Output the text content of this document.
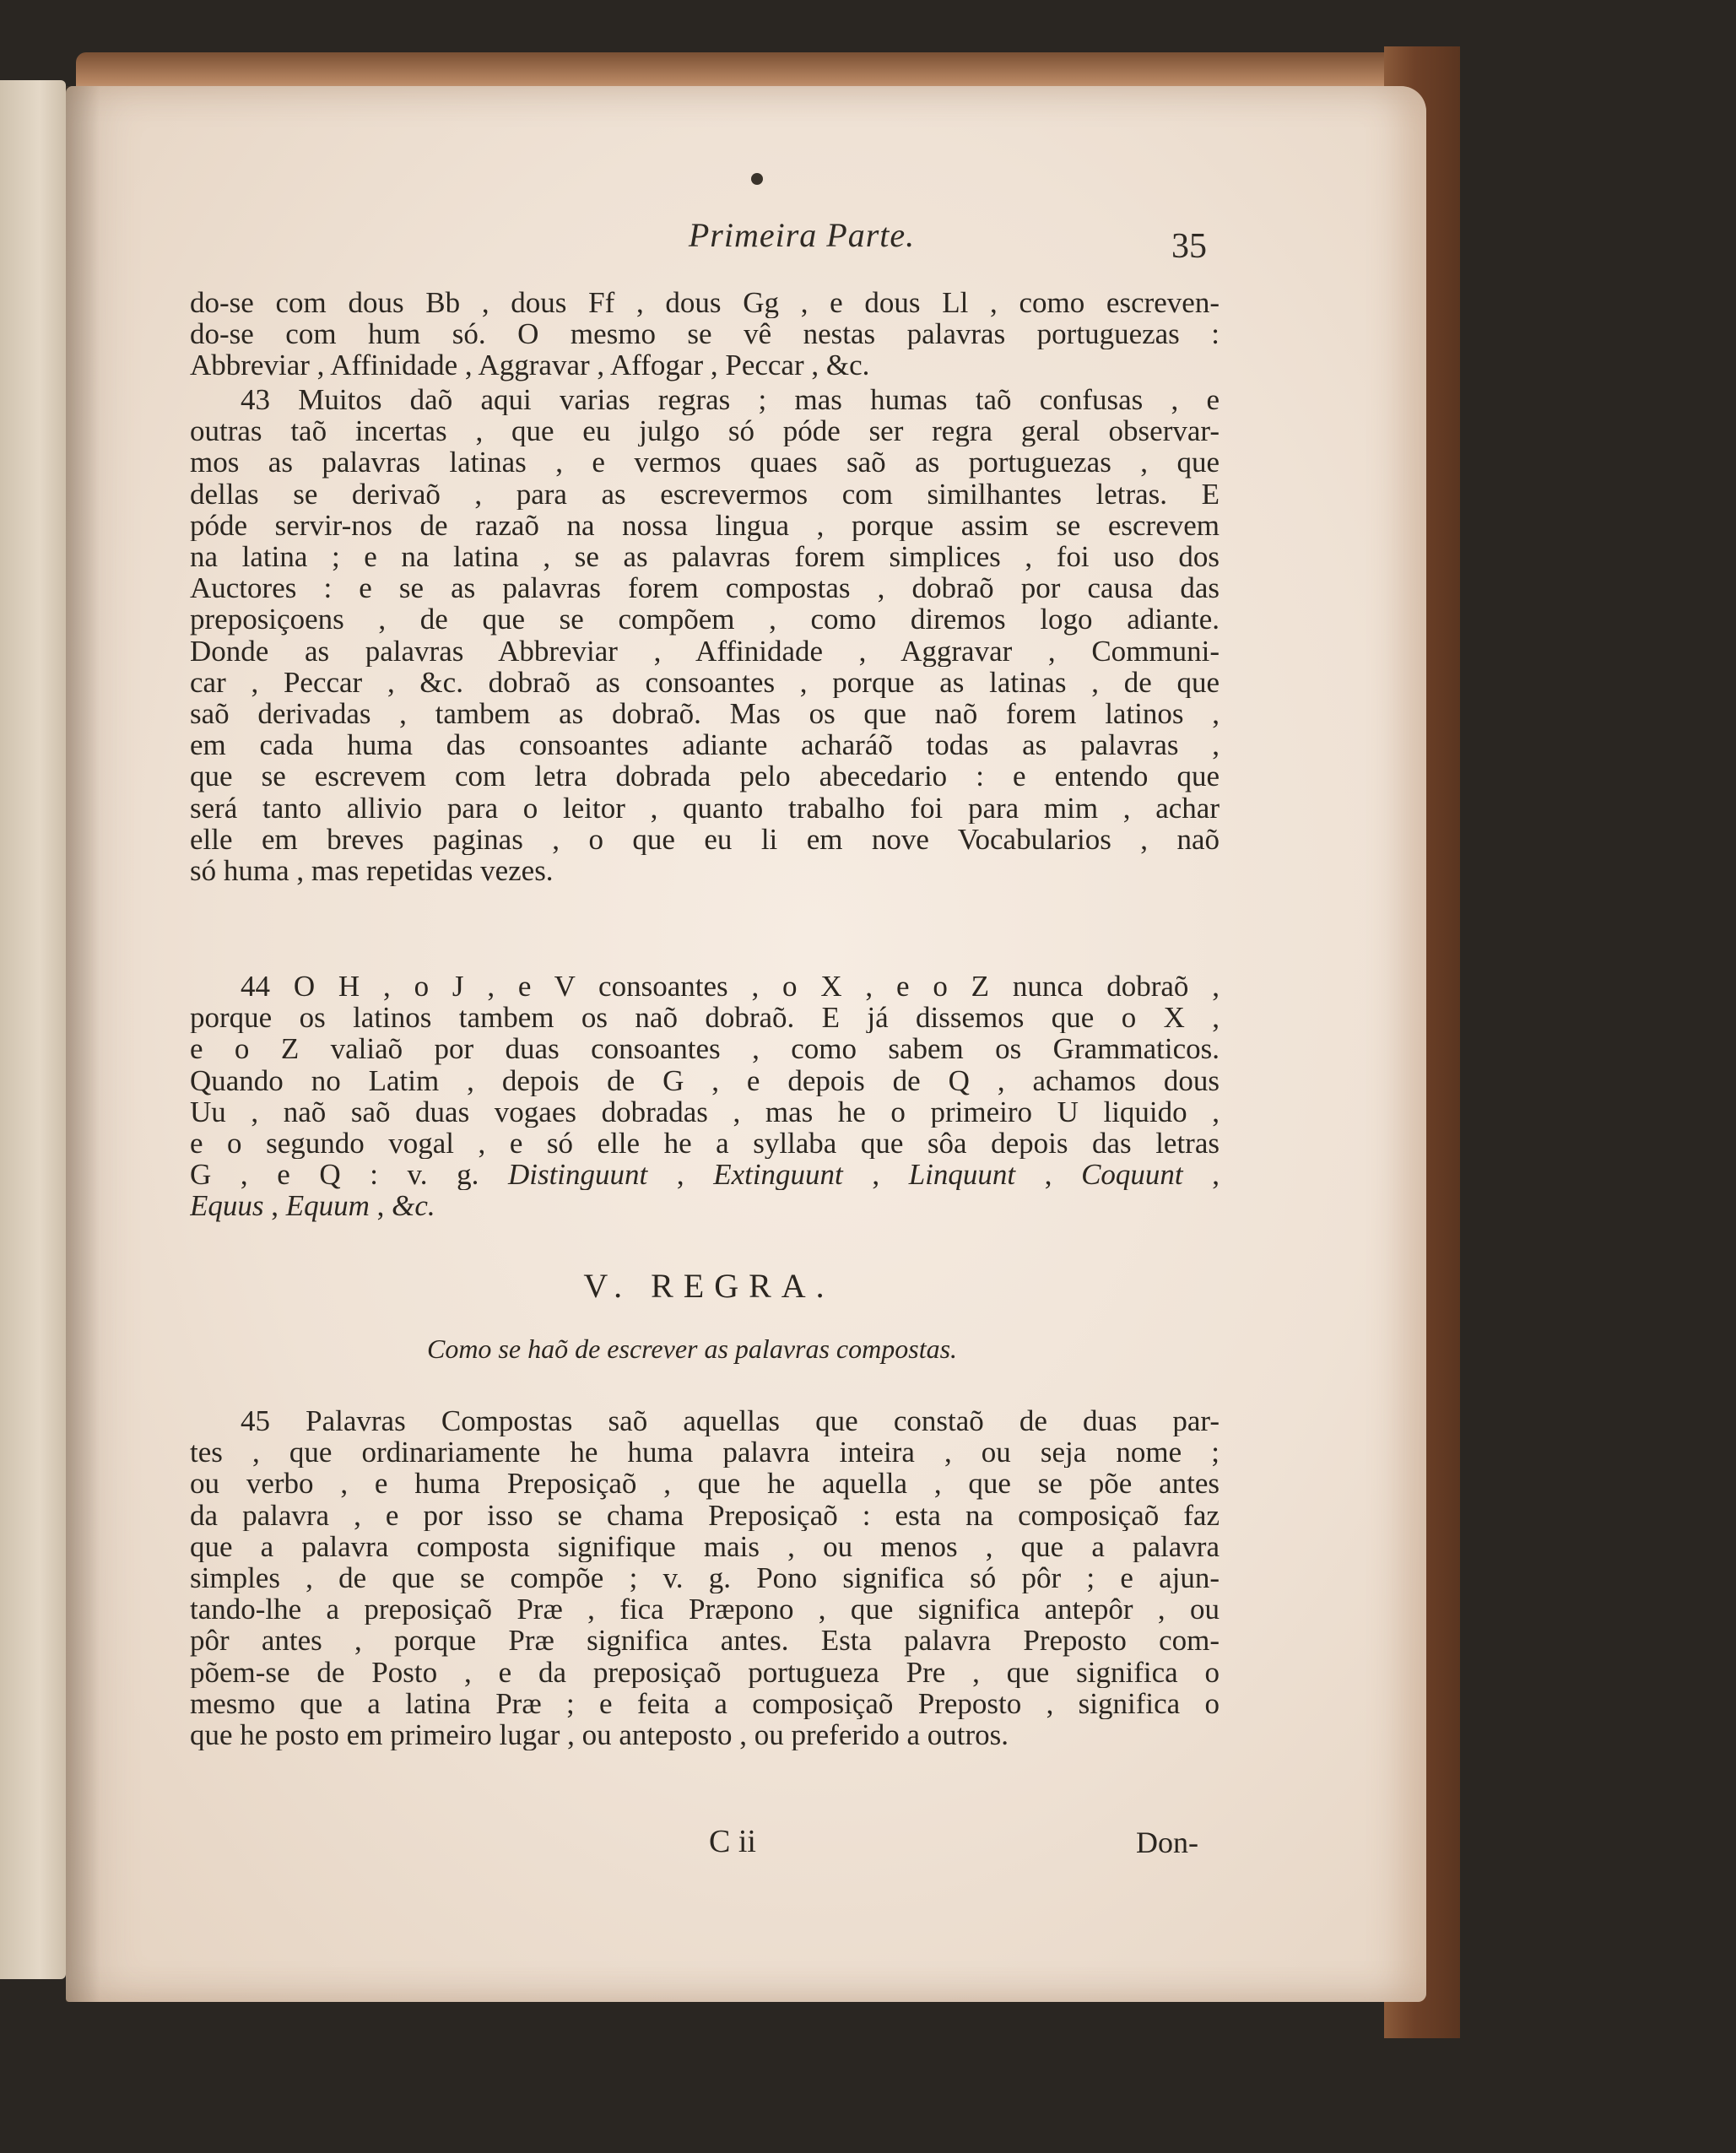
Primeira Parte.	35
do-se com dous Bb , dous Ff , dous Gg , e dous Ll , como escreven-
do-se com hum só. O mesmo se vê nestas palavras portuguezas :
Abbreviar , Affinidade , Aggravar , Affogar , Peccar , &c.
43 Muitos daõ aqui varias regras ; mas humas taõ confusas , e
outras taõ incertas , que eu julgo só póde ser regra geral observar-
mos as palavras latinas , e vermos quaes saõ as portuguezas , que
dellas se derivaõ , para as escrevermos com similhantes letras. E
póde servir-nos de razaõ na nossa lingua , porque assim se escrevem
na latina ; e na latina , se as palavras forem simplices , foi uso dos
Auctores : e se as palavras forem compostas , dobraõ por causa das
preposiçoens , de que se compõem , como diremos logo adiante.
Donde as palavras Abbreviar , Affinidade , Aggravar , Communi-
car , Peccar , &c. dobraõ as consoantes , porque as latinas , de que
saõ derivadas , tambem as dobraõ. Mas os que naõ forem latinos ,
em cada huma das consoantes adiante acharáõ todas as palavras ,
que se escrevem com letra dobrada pelo abecedario : e entendo que
será tanto allivio para o leitor , quanto trabalho foi para mim , achar
elle em breves paginas , o que eu li em nove Vocabularios , naõ
só huma , mas repetidas vezes.
44 O H , o J , e V consoantes , o X , e o Z nunca dobraõ ,
porque os latinos tambem os naõ dobraõ. E já dissemos que o X ,
e o Z valiaõ por duas consoantes , como sabem os Grammaticos.
Quando no Latim , depois de G , e depois de Q , achamos dous
Uu , naõ saõ duas vogaes dobradas , mas he o primeiro U liquido ,
e o segundo vogal , e só elle he a syllaba que sôa depois das letras
G , e Q : v. g. Distinguunt , Extinguunt , Linquunt , Coquunt ,
Equus , Equum , &c.
V. REGRA.
Como se haõ de escrever as palavras compostas.
45 Palavras Compostas saõ aquellas que constaõ de duas par-
tes , que ordinariamente he huma palavra inteira , ou seja nome ;
ou verbo , e huma Preposiçaõ , que he aquella , que se põe antes
da palavra , e por isso se chama Preposiçaõ : esta na composiçaõ faz
que a palavra composta signifique mais , ou menos , que a palavra
simples , de que se compõe ; v. g. Pono significa só pôr ; e ajun-
tando-lhe a preposiçaõ Præ , fica Præpono , que significa antepôr , ou
pôr antes , porque Præ significa antes. Esta palavra Preposto com-
põem-se de Posto , e da preposiçaõ portugueza Pre , que significa o
mesmo que a latina Præ ; e feita a composiçaõ Preposto , significa o
que he posto em primeiro lugar , ou anteposto , ou preferido a outros.
C ii	Don-
